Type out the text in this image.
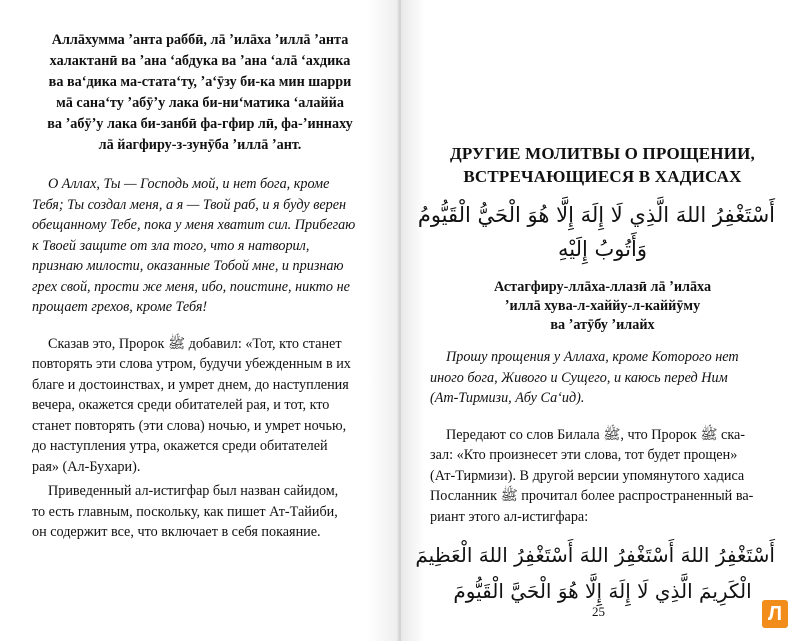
Аллāхумма ʼанта раббӣ, лā ʼилāха ʼиллā ʼанта
халактанӣ ва ʼана ʻабдука ва ʼана ʻалā ʻахдика
ва ваʻдика ма-статаʻту, ʼаʻӯзу би-ка мин шарри
мā санаʻту ʼабӯʼу лака би-ниʻматика ʻалаййа
ва ʼабӯʼу лака би-занбӣ фа-гфир лӣ, фа-ʼиннаху
лā йагфиру-з-зунӯба ʼиллā ʼант.
О Аллах, Ты — Господь мой, и нет бога, кроме
Тебя; Ты создал меня, а я — Твой раб, и я буду верен
обещанному Тебе, пока у меня хватит сил. Прибегаю
к Твоей защите от зла того, что я натворил,
признаю милости, оказанные Тобой мне, и признаю
грех свой, прости же меня, ибо, поистине, никто не
прощает грехов, кроме Тебя!
Сказав это, Пророк ﷺ добавил: «Тот, кто станет
повторять эти слова утром, будучи убежденным в их
благе и достоинствах, и умрет днем, до наступления
вечера, окажется среди обитателей рая, и тот, кто
станет повторять (эти слова) ночью, и умрет ночью,
до наступления утра, окажется среди обитателей
рая» (Ал-Бухари).
Приведенный ал-истигфар был назван сайидом,
то есть главным, поскольку, как пишет Ат-Тайиби,
он содержит все, что включает в себя покаяние.
ДРУГИЕ МОЛИТВЫ О ПРОЩЕНИИ,
ВСТРЕЧАЮЩИЕСЯ В ХАДИСАХ
أَسْتَغْفِرُ اللهَ الَّذِي لَا إِلَهَ إِلَّا هُوَ الْحَيُّ الْقَيُّومُ
وَأَتُوبُ إِلَيْهِ
Астагфиру-ллāха-ллазӣ лā ʼилāха
ʼиллā хува-л-хаййу-л-каййӯму
ва ʼатӯбу ʼилайх
Прошу прощения у Аллаха, кроме Которого нет
иного бога, Живого и Сущего, и каюсь перед Ним
(Ат-Тирмизи, Абу Саʻид).
Передают со слов Билала ﷺ, что Пророк ﷺ ска-
зал: «Кто произнесет эти слова, тот будет прощен»
(Ат-Тирмизи). В другой версии упомянутого хадиса
Посланник ﷺ прочитал более распространенный ва-
риант этого ал-истигфара:
أَسْتَغْفِرُ اللهَ أَسْتَغْفِرُ اللهَ أَسْتَغْفِرُ اللهَ الْعَظِيمَ
الْكَرِيمَ الَّذِي لَا إِلَهَ إِلَّا هُوَ الْحَيَّ الْقَيُّومَ
25	Л
